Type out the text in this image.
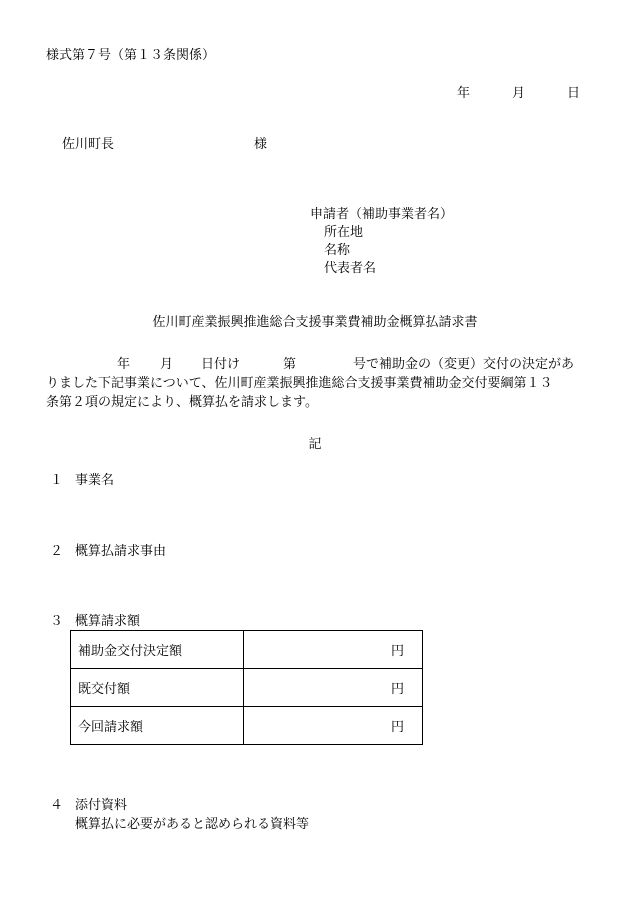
様式第７号（第１３条関係）
年	月	日
佐川町長	様
申請者（補助事業者名）
所在地
名称
代表者名
佐川町産業振興推進総合支援事業費補助金概算払請求書
年 月 日付け	第	号で補助金の（変更）交付の決定があ
りました下記事業について、佐川町産業振興推進総合支援事業費補助金交付要綱第１３
条第２項の規定により、概算払を請求します。
記
１ 事業名
２ 概算払請求事由
３ 概算請求額
補助金交付決定額	円
既交付額	円
今回請求額	円
４ 添付資料
概算払に必要があると認められる資料等
